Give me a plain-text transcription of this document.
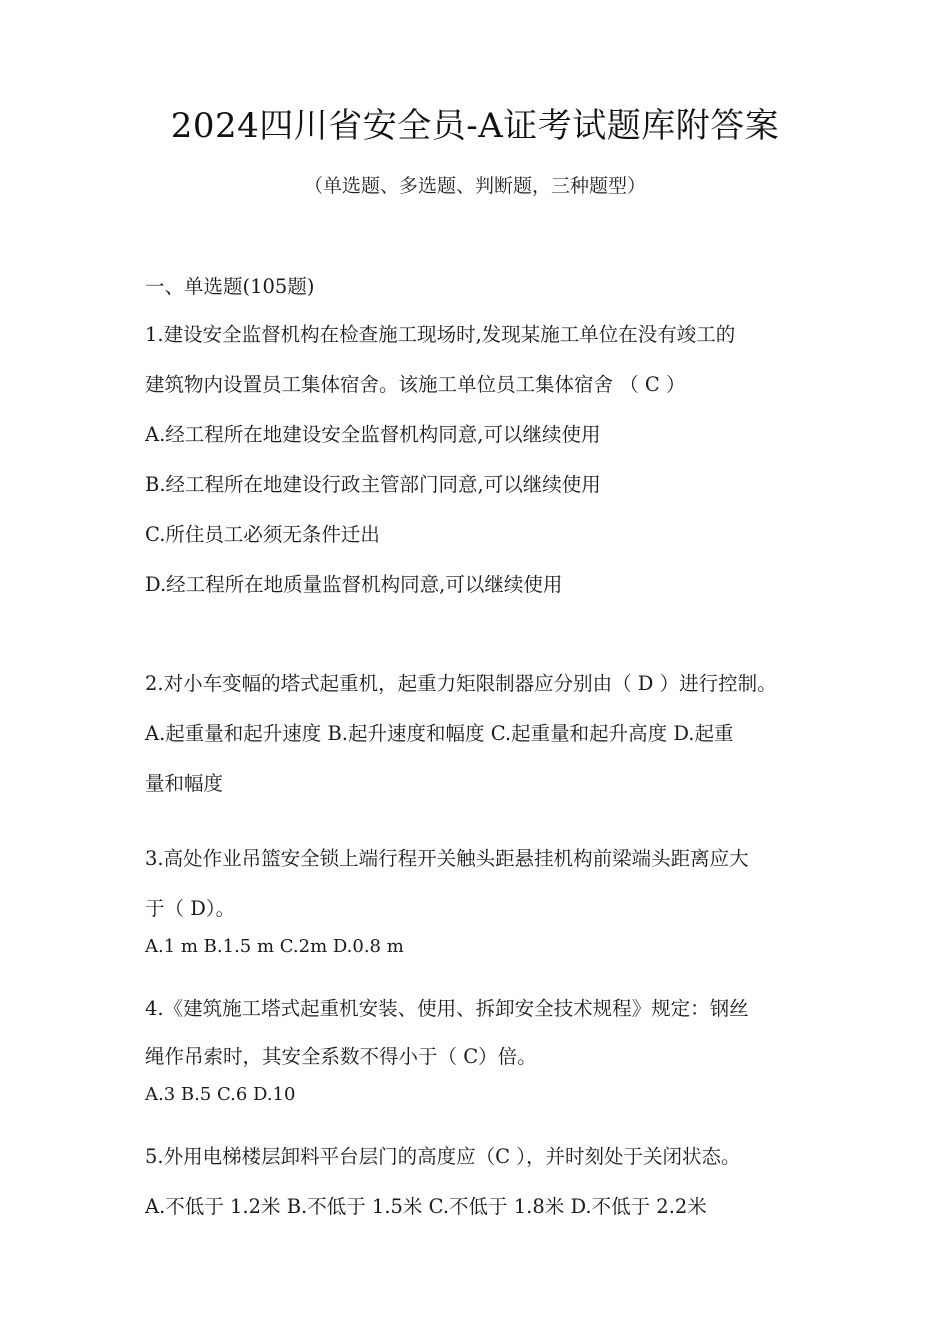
2024四川省安全员-A证考试题库附答案
（单选题、多选题、判断题，三种题型）
一、单选题(105题)
1.建设安全监督机构在检查施工现场时,发现某施工单位在没有竣工的
建筑物内设置员工集体宿舍。该施工单位员工集体宿舍 （ C ）
A.经工程所在地建设安全监督机构同意,可以继续使用
B.经工程所在地建设行政主管部门同意,可以继续使用
C.所住员工必须无条件迁出
D.经工程所在地质量监督机构同意,可以继续使用
2.对小车变幅的塔式起重机，起重力矩限制器应分别由（ D ）进行控制。
A.起重量和起升速度 B.起升速度和幅度 C.起重量和起升高度 D.起重
量和幅度
3.高处作业吊篮安全锁上端行程开关触头距悬挂机构前梁端头距离应大
于（ D）。
A.1 m B.1.5 m C.2m D.0.8 m
4.《建筑施工塔式起重机安装、使用、拆卸安全技术规程》规定：钢丝
绳作吊索时，其安全系数不得小于（ C）倍。
A.3 B.5 C.6 D.10
5.外用电梯楼层卸料平台层门的高度应（C ），并时刻处于关闭状态。
A.不低于 1.2米 B.不低于 1.5米 C.不低于 1.8米 D.不低于 2.2米
